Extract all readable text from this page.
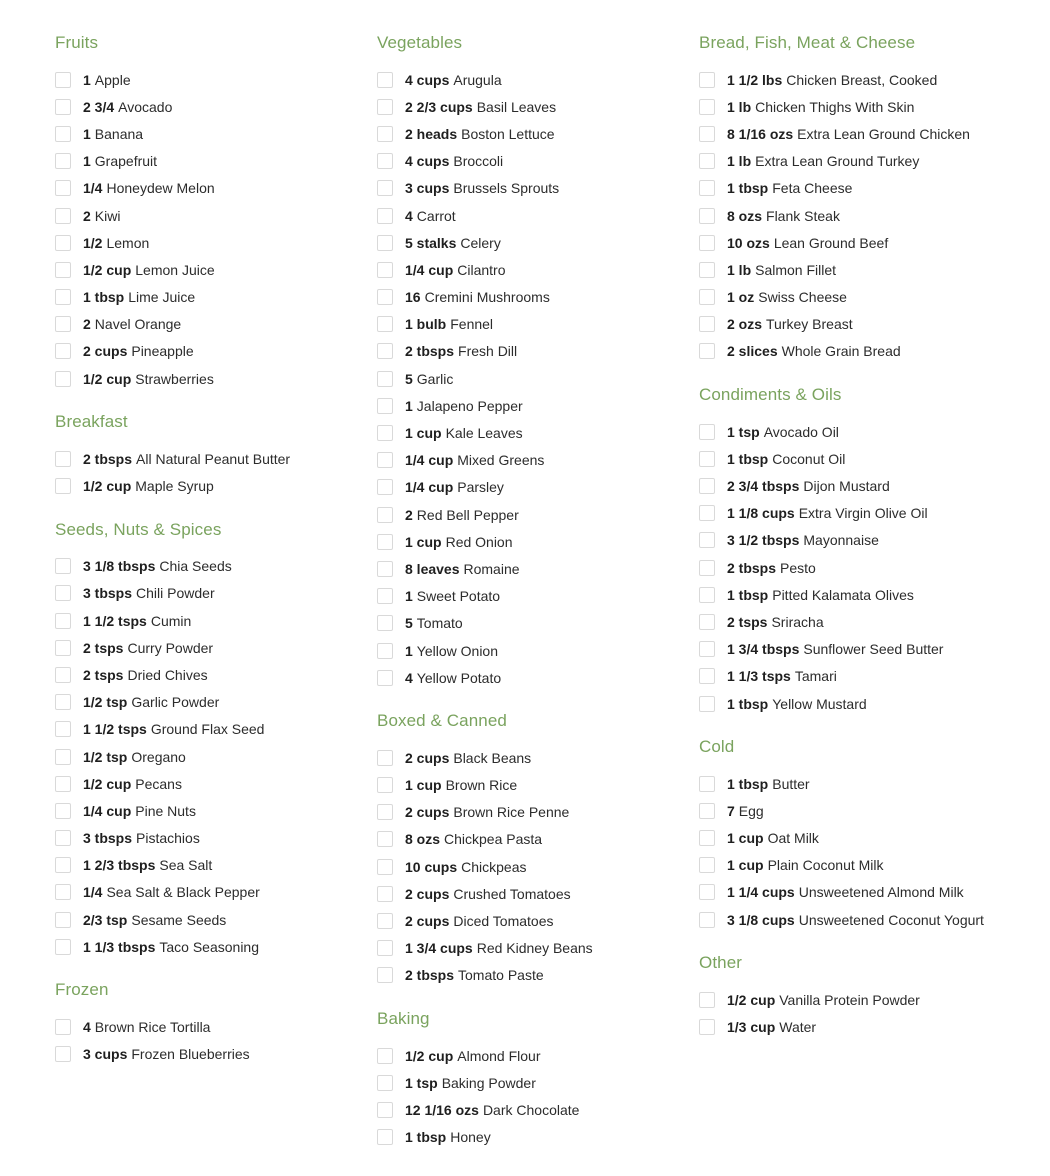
Fruits
1 Apple
2 3/4 Avocado
1 Banana
1 Grapefruit
1/4 Honeydew Melon
2 Kiwi
1/2 Lemon
1/2 cup Lemon Juice
1 tbsp Lime Juice
2 Navel Orange
2 cups Pineapple
1/2 cup Strawberries
Breakfast
2 tbsps All Natural Peanut Butter
1/2 cup Maple Syrup
Seeds, Nuts & Spices
3 1/8 tbsps Chia Seeds
3 tbsps Chili Powder
1 1/2 tsps Cumin
2 tsps Curry Powder
2 tsps Dried Chives
1/2 tsp Garlic Powder
1 1/2 tsps Ground Flax Seed
1/2 tsp Oregano
1/2 cup Pecans
1/4 cup Pine Nuts
3 tbsps Pistachios
1 2/3 tbsps Sea Salt
1/4 Sea Salt & Black Pepper
2/3 tsp Sesame Seeds
1 1/3 tbsps Taco Seasoning
Frozen
4 Brown Rice Tortilla
3 cups Frozen Blueberries
Vegetables
4 cups Arugula
2 2/3 cups Basil Leaves
2 heads Boston Lettuce
4 cups Broccoli
3 cups Brussels Sprouts
4 Carrot
5 stalks Celery
1/4 cup Cilantro
16 Cremini Mushrooms
1 bulb Fennel
2 tbsps Fresh Dill
5 Garlic
1 Jalapeno Pepper
1 cup Kale Leaves
1/4 cup Mixed Greens
1/4 cup Parsley
2 Red Bell Pepper
1 cup Red Onion
8 leaves Romaine
1 Sweet Potato
5 Tomato
1 Yellow Onion
4 Yellow Potato
Boxed & Canned
2 cups Black Beans
1 cup Brown Rice
2 cups Brown Rice Penne
8 ozs Chickpea Pasta
10 cups Chickpeas
2 cups Crushed Tomatoes
2 cups Diced Tomatoes
1 3/4 cups Red Kidney Beans
2 tbsps Tomato Paste
Baking
1/2 cup Almond Flour
1 tsp Baking Powder
12 1/16 ozs Dark Chocolate
1 tbsp Honey
Bread, Fish, Meat & Cheese
1 1/2 lbs Chicken Breast, Cooked
1 lb Chicken Thighs With Skin
8 1/16 ozs Extra Lean Ground Chicken
1 lb Extra Lean Ground Turkey
1 tbsp Feta Cheese
8 ozs Flank Steak
10 ozs Lean Ground Beef
1 lb Salmon Fillet
1 oz Swiss Cheese
2 ozs Turkey Breast
2 slices Whole Grain Bread
Condiments & Oils
1 tsp Avocado Oil
1 tbsp Coconut Oil
2 3/4 tbsps Dijon Mustard
1 1/8 cups Extra Virgin Olive Oil
3 1/2 tbsps Mayonnaise
2 tbsps Pesto
1 tbsp Pitted Kalamata Olives
2 tsps Sriracha
1 3/4 tbsps Sunflower Seed Butter
1 1/3 tsps Tamari
1 tbsp Yellow Mustard
Cold
1 tbsp Butter
7 Egg
1 cup Oat Milk
1 cup Plain Coconut Milk
1 1/4 cups Unsweetened Almond Milk
3 1/8 cups Unsweetened Coconut Yogurt
Other
1/2 cup Vanilla Protein Powder
1/3 cup Water
